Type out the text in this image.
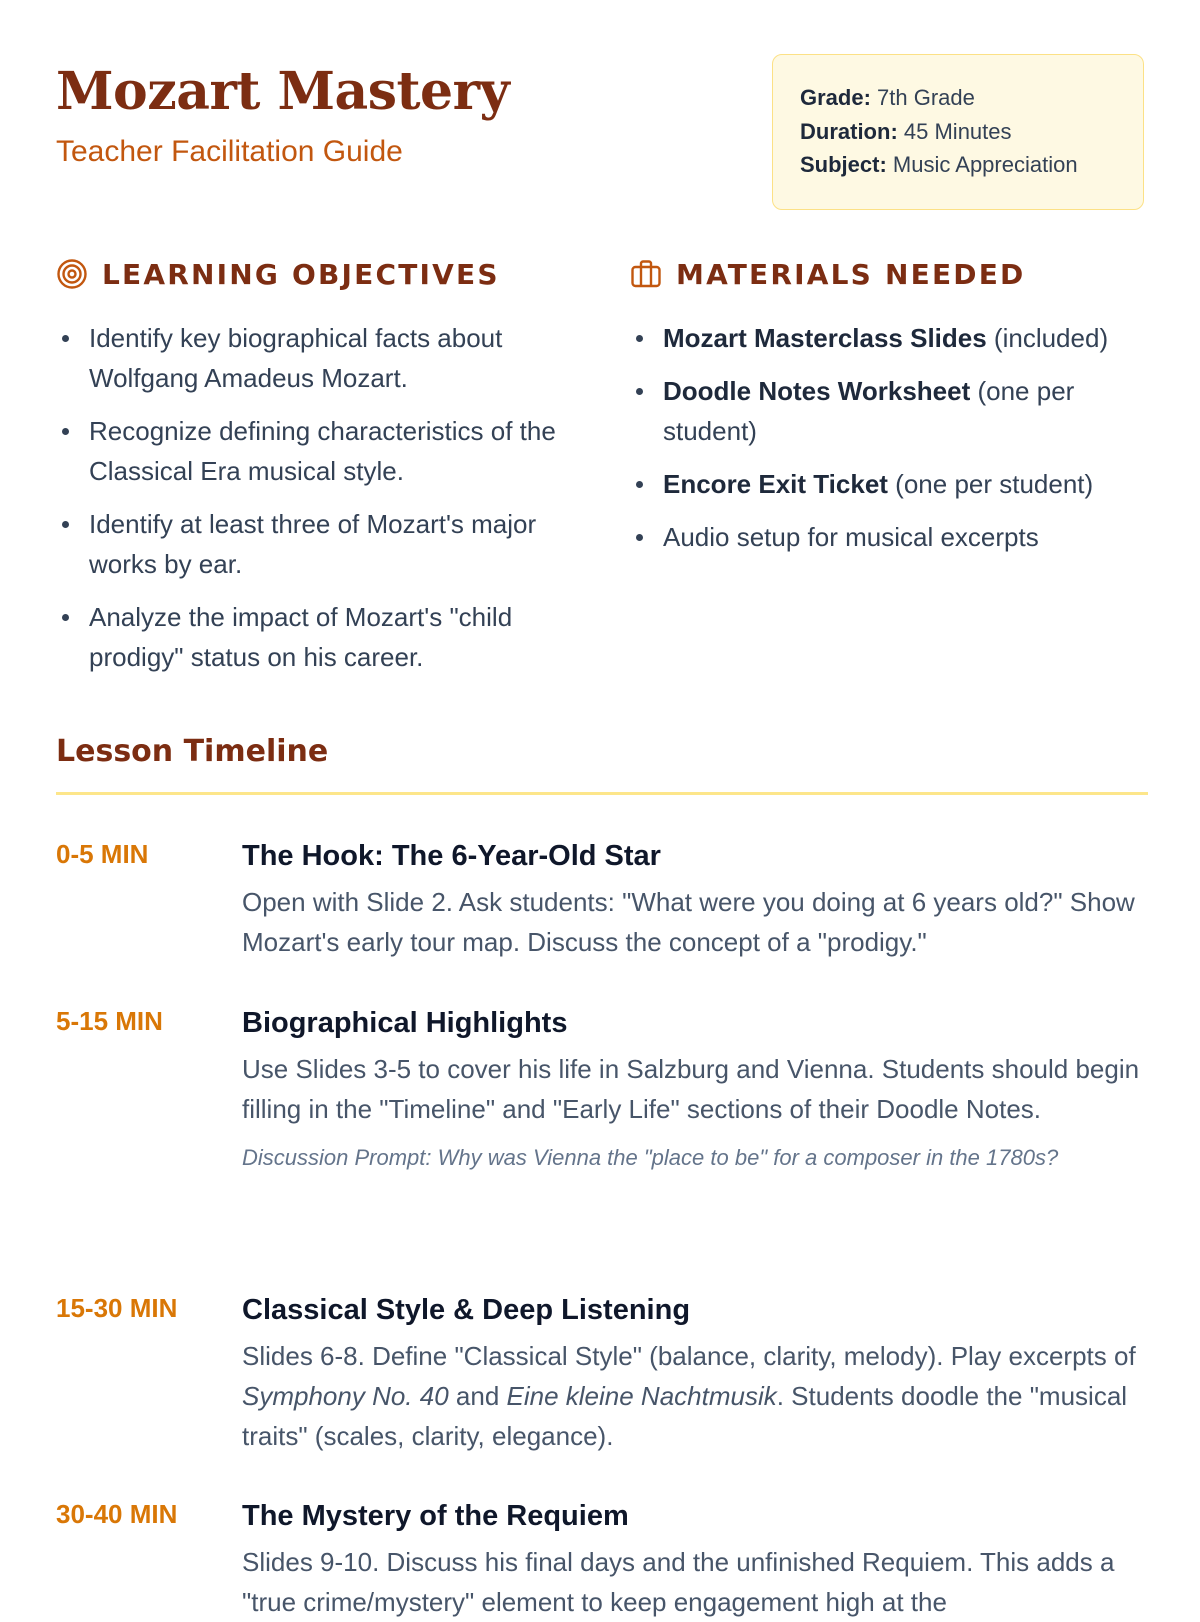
Mozart Mastery
Teacher Facilitation Guide
Grade: 7th Grade
Duration: 45 Minutes
Subject: Music Appreciation
LEARNING OBJECTIVES
Identify key biographical facts about Wolfgang Amadeus Mozart.
Recognize defining characteristics of the Classical Era musical style.
Identify at least three of Mozart's major works by ear.
Analyze the impact of Mozart's "child prodigy" status on his career.
MATERIALS NEEDED
Mozart Masterclass Slides (included)
Doodle Notes Worksheet (one per student)
Encore Exit Ticket (one per student)
Audio setup for musical excerpts
Lesson Timeline
0-5 MIN	The Hook: The 6-Year-Old Star
Open with Slide 2. Ask students: "What were you doing at 6 years old?" Show Mozart's early tour map. Discuss the concept of a "prodigy."
5-15 MIN	Biographical Highlights
Use Slides 3-5 to cover his life in Salzburg and Vienna. Students should begin filling in the "Timeline" and "Early Life" sections of their Doodle Notes.
Discussion Prompt: Why was Vienna the "place to be" for a composer in the 1780s?
15-30 MIN Classical Style & Deep Listening
Slides 6-8. Define "Classical Style" (balance, clarity, melody). Play excerpts of Symphony No. 40 and Eine kleine Nachtmusik. Students doodle the "musical traits" (scales, clarity, elegance).
30-40 MIN The Mystery of the Requiem
Slides 9-10. Discuss his final days and the unfinished Requiem. This adds a "true crime/mystery" element to keep engagement high at the
